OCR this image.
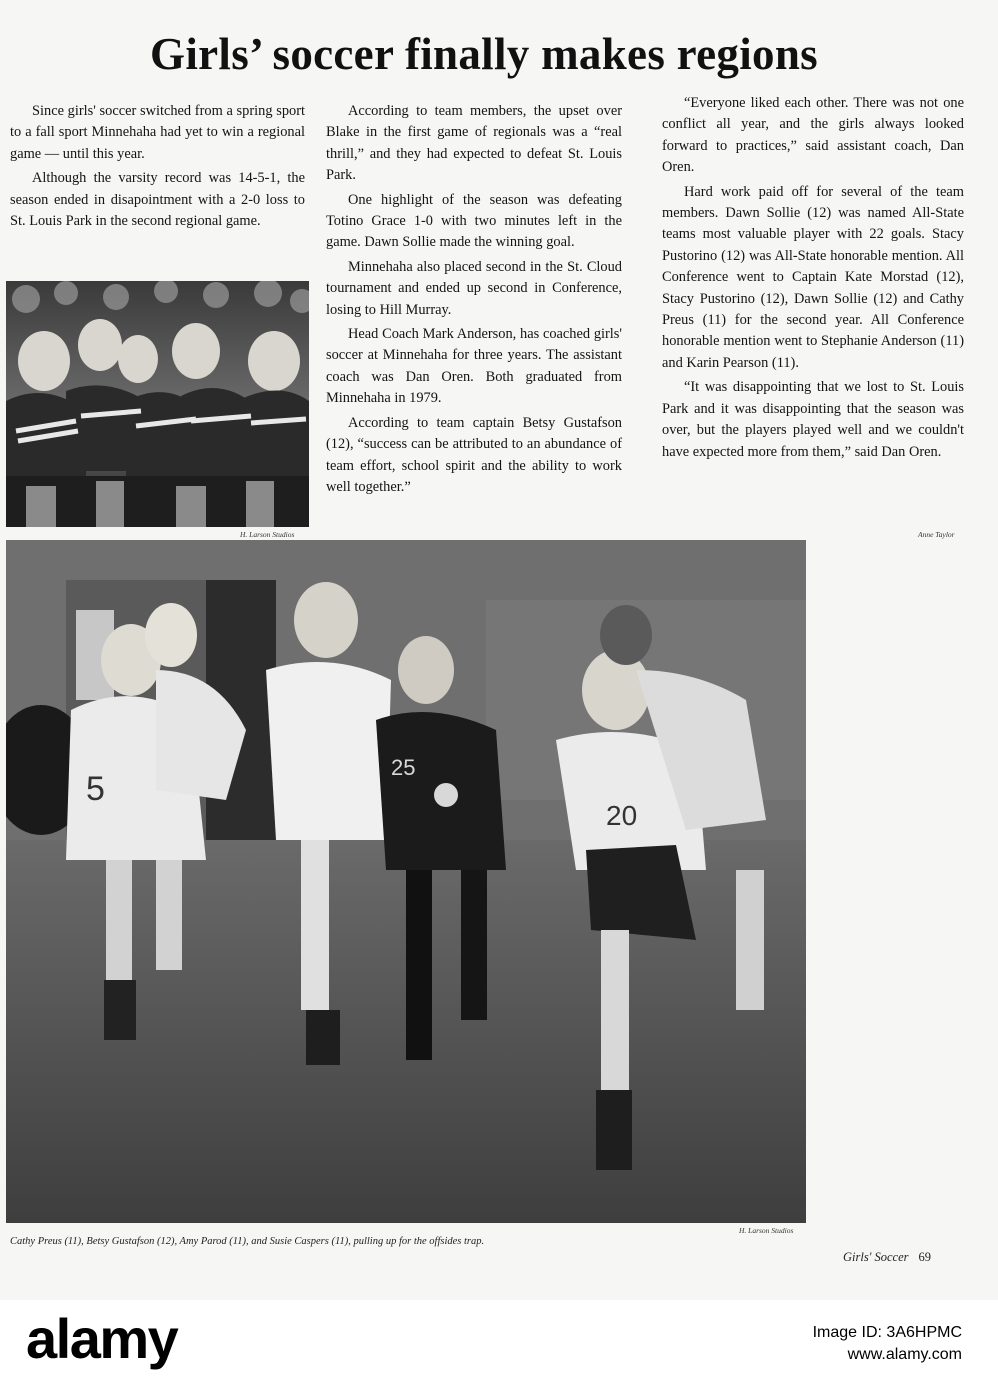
Girls’ soccer finally makes regions

Since girls' soccer switched from a spring sport to a fall sport Minnehaha had yet to win a regional game — until this year.

Although the varsity record was 14-5-1, the season ended in disapointment with a 2-0 loss to St. Louis Park in the second regional game.

According to team members, the upset over Blake in the first game of regionals was a “real thrill,” and they had expected to defeat St. Louis Park.

One highlight of the season was defeating Totino Grace 1-0 with two minutes left in the game. Dawn Sollie made the winning goal.

Minnehaha also placed second in the St. Cloud tournament and ended up second in Conference, losing to Hill Murray.

Head Coach Mark Anderson, has coached girls' soccer at Minnehaha for three years. The assistant coach was Dan Oren. Both graduated from Minnehaha in 1979.

According to team captain Betsy Gustafson (12), “success can be attributed to an abundance of team effort, school spirit and the ability to work well together.”

“Everyone liked each other. There was not one conflict all year, and the girls always looked forward to practices,” said assistant coach, Dan Oren.

Hard work paid off for several of the team members. Dawn Sollie (12) was named All-State teams most valuable player with 22 goals. Stacy Pustorino (12) was All-State honorable mention. All Conference went to Captain Kate Morstad (12), Stacy Pustorino (12), Dawn Sollie (12) and Cathy Preus (11) for the second year. All Conference honorable mention went to Stephanie Anderson (11) and Karin Pearson (11).

“It was disappointing that we lost to St. Louis Park and it was disappointing that the season was over, but the players played well and we couldn't have expected more from them,” said Dan Oren.

Anne Taylor
H. Larson Studios
5
25
20
H. Larson Studios
Cathy Preus (11), Betsy Gustafson (12), Amy Parod (11), and Susie Caspers (11), pulling up for the offsides trap.
Girls' Soccer 69
alamy	Image ID: 3A6HPMC
www.alamy.com
